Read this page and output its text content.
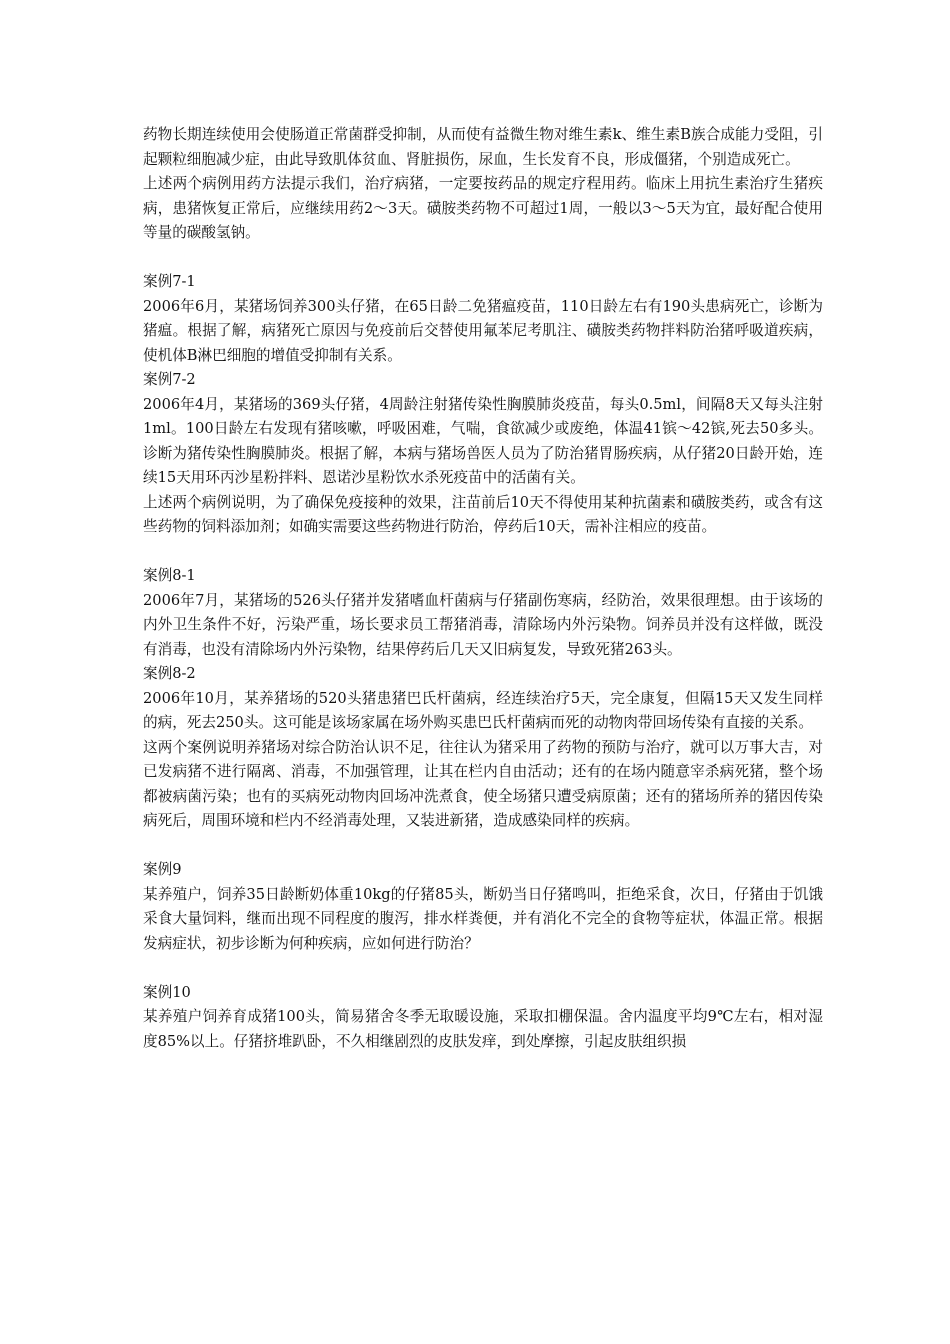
药物长期连续使用会使肠道正常菌群受抑制，从而使有益微生物对维生素k、维生素B族合成能力受阻，引起颗粒细胞减少症，由此导致肌体贫血、肾脏损伤，尿血，生长发育不良，形成僵猪，个别造成死亡。

上述两个病例用药方法提示我们，治疗病猪，一定要按药品的规定疗程用药。临床上用抗生素治疗生猪疾病，患猪恢复正常后，应继续用药2～3天。磺胺类药物不可超过1周，一般以3～5天为宜，最好配合使用等量的碳酸氢钠。

案例7-1

2006年6月，某猪场饲养300头仔猪，在65日龄二免猪瘟疫苗，110日龄左右有190头患病死亡，诊断为猪瘟。根据了解，病猪死亡原因与免疫前后交替使用氟苯尼考肌注、磺胺类药物拌料防治猪呼吸道疾病，使机体B淋巴细胞的增值受抑制有关系。

案例7-2

2006年4月，某猪场的369头仔猪，4周龄注射猪传染性胸膜肺炎疫苗，每头0.5ml，间隔8天又每头注射1ml。100日龄左右发现有猪咳嗽，呼吸困难，气喘，食欲减少或废绝，体温41镔～42镔,死去50多头。诊断为猪传染性胸膜肺炎。根据了解，本病与猪场兽医人员为了防治猪胃肠疾病，从仔猪20日龄开始，连续15天用环丙沙星粉拌料、恩诺沙星粉饮水杀死疫苗中的活菌有关。

上述两个病例说明，为了确保免疫接种的效果，注苗前后10天不得使用某种抗菌素和磺胺类药，或含有这些药物的饲料添加剂；如确实需要这些药物进行防治，停药后10天，需补注相应的疫苗。

案例8-1

2006年7月，某猪场的526头仔猪并发猪嗜血杆菌病与仔猪副伤寒病，经防治，效果很理想。由于该场的内外卫生条件不好，污染严重，场长要求员工帮猪消毒，清除场内外污染物。饲养员并没有这样做，既没有消毒，也没有清除场内外污染物，结果停药后几天又旧病复发，导致死猪263头。

案例8-2

2006年10月，某养猪场的520头猪患猪巴氏杆菌病，经连续治疗5天，完全康复，但隔15天又发生同样的病，死去250头。这可能是该场家属在场外购买患巴氏杆菌病而死的动物肉带回场传染有直接的关系。

这两个案例说明养猪场对综合防治认识不足，往往认为猪采用了药物的预防与治疗，就可以万事大吉，对已发病猪不进行隔离、消毒，不加强管理，让其在栏内自由活动；还有的在场内随意宰杀病死猪，整个场都被病菌污染；也有的买病死动物肉回场冲洗煮食，使全场猪只遭受病原菌；还有的猪场所养的猪因传染病死后，周围环境和栏内不经消毒处理，又装进新猪，造成感染同样的疾病。

案例9

某养殖户，饲养35日龄断奶体重10kg的仔猪85头，断奶当日仔猪鸣叫，拒绝采食，次日，仔猪由于饥饿采食大量饲料，继而出现不同程度的腹泻，排水样粪便，并有消化不完全的食物等症状，体温正常。根据发病症状，初步诊断为何种疾病，应如何进行防治？

案例10

某养殖户饲养育成猪100头，简易猪舍冬季无取暖设施，采取扣棚保温。舍内温度平均9℃左右，相对湿度85%以上。仔猪挤堆趴卧，不久相继剧烈的皮肤发痒，到处摩擦，引起皮肤组织损
